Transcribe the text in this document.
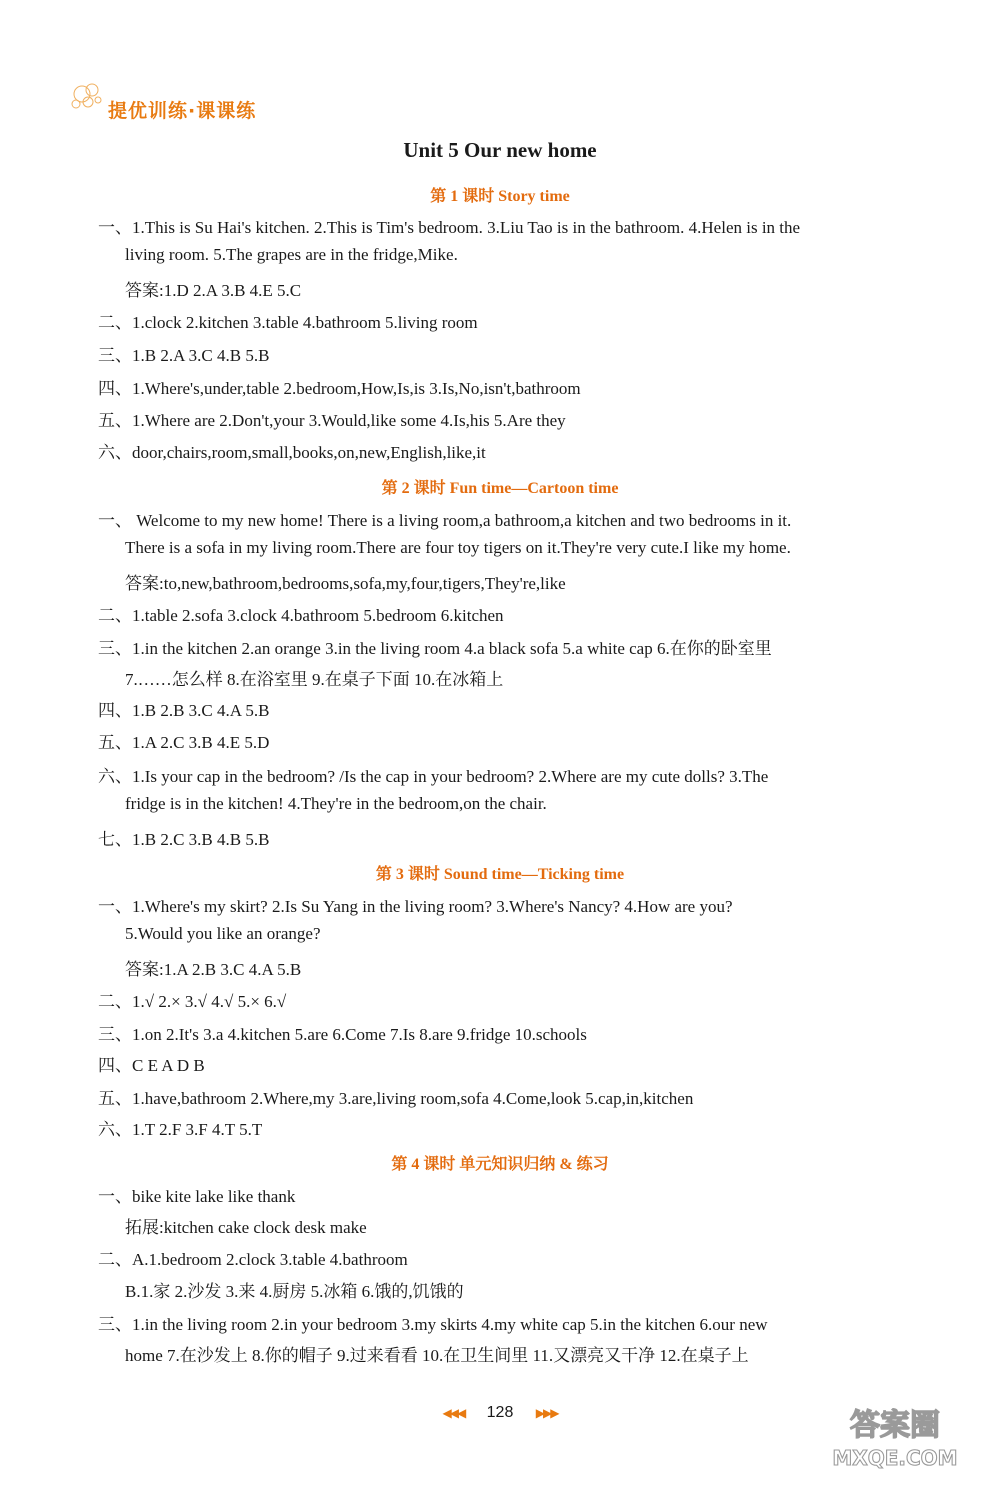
提优训练·课课练
Unit 5 Our new home
第 1 课时 Story time
一、1.This is Su Hai's kitchen. 2.This is Tim's bedroom. 3.Liu Tao is in the bathroom. 4.Helen is in the
living room. 5.The grapes are in the fridge,Mike.
答案:1.D 2.A 3.B 4.E 5.C
二、1.clock 2.kitchen 3.table 4.bathroom 5.living room
三、1.B 2.A 3.C 4.B 5.B
四、1.Where's,under,table 2.bedroom,How,Is,is 3.Is,No,isn't,bathroom
五、1.Where are 2.Don't,your 3.Would,like some 4.Is,his 5.Are they
六、door,chairs,room,small,books,on,new,English,like,it
第 2 课时 Fun time—Cartoon time
一、 Welcome to my new home! There is a living room,a bathroom,a kitchen and two bedrooms in it.
There is a sofa in my living room.There are four toy tigers on it.They're very cute.I like my home.
答案:to,new,bathroom,bedrooms,sofa,my,four,tigers,They're,like
二、1.table 2.sofa 3.clock 4.bathroom 5.bedroom 6.kitchen
三、1.in the kitchen 2.an orange 3.in the living room 4.a black sofa 5.a white cap 6.在你的卧室里
7.……怎么样 8.在浴室里 9.在桌子下面 10.在冰箱上
四、1.B 2.B 3.C 4.A 5.B
五、1.A 2.C 3.B 4.E 5.D
六、1.Is your cap in the bedroom? /Is the cap in your bedroom? 2.Where are my cute dolls? 3.The
fridge is in the kitchen! 4.They're in the bedroom,on the chair.
七、1.B 2.C 3.B 4.B 5.B
第 3 课时 Sound time—Ticking time
一、1.Where's my skirt? 2.Is Su Yang in the living room? 3.Where's Nancy? 4.How are you?
5.Would you like an orange?
答案:1.A 2.B 3.C 4.A 5.B
二、1.√ 2.× 3.√ 4.√ 5.× 6.√
三、1.on 2.It's 3.a 4.kitchen 5.are 6.Come 7.Is 8.are 9.fridge 10.schools
四、C E A D B
五、1.have,bathroom 2.Where,my 3.are,living room,sofa 4.Come,look 5.cap,in,kitchen
六、1.T 2.F 3.F 4.T 5.T
第 4 课时 单元知识归纳 & 练习
一、bike kite lake like thank
拓展:kitchen cake clock desk make
二、A.1.bedroom 2.clock 3.table 4.bathroom
B.1.家 2.沙发 3.来 4.厨房 5.冰箱 6.饿的,饥饿的
三、1.in the living room 2.in your bedroom 3.my skirts 4.my white cap 5.in the kitchen 6.our new
home 7.在沙发上 8.你的帽子 9.过来看看 10.在卫生间里 11.又漂亮又干净 12.在桌子上
◀◀◀ 128 ▶▶▶	答案圈
MXQE.COM
